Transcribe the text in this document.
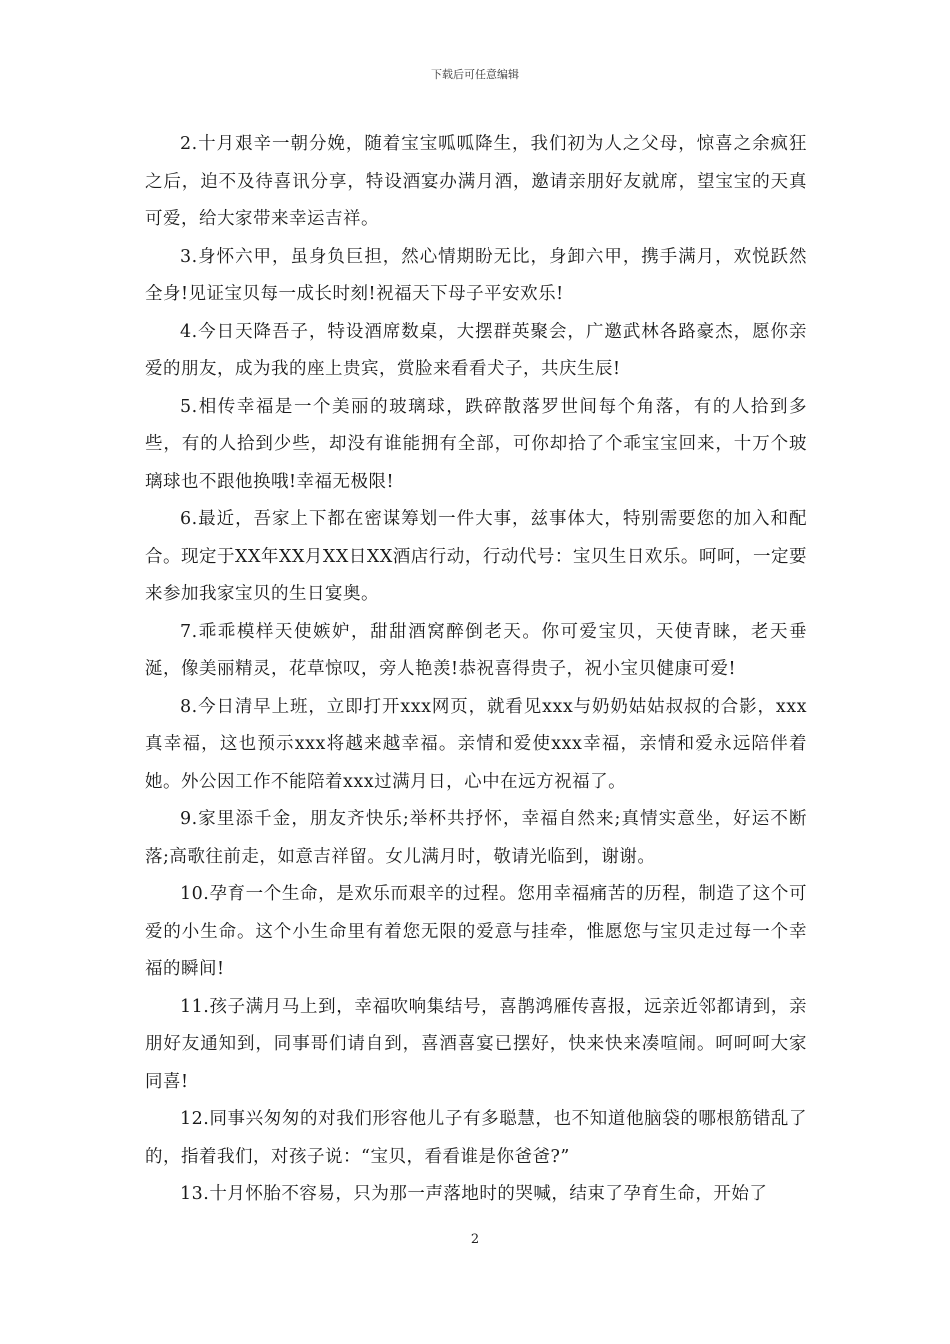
下载后可任意编辑

2.十月艰辛一朝分娩，随着宝宝呱呱降生，我们初为人之父母，惊喜之余疯狂之后，迫不及待喜讯分享，特设酒宴办满月酒，邀请亲朋好友就席，望宝宝的天真可爱，给大家带来幸运吉祥。

3.身怀六甲，虽身负巨担，然心情期盼无比，身卸六甲，携手满月，欢悦跃然全身!见证宝贝每一成长时刻!祝福天下母子平安欢乐!

4.今日天降吾子，特设酒席数桌，大摆群英聚会，广邀武林各路豪杰，愿你亲爱的朋友，成为我的座上贵宾，赏脸来看看犬子，共庆生辰!

5.相传幸福是一个美丽的玻璃球，跌碎散落罗世间每个角落，有的人拾到多些，有的人拾到少些，却没有谁能拥有全部，可你却拾了个乖宝宝回来，十万个玻璃球也不跟他换哦!幸福无极限!

6.最近，吾家上下都在密谋筹划一件大事，兹事体大，特别需要您的加入和配合。现定于XX年XX月XX日XX酒店行动，行动代号：宝贝生日欢乐。呵呵，一定要来参加我家宝贝的生日宴奥。

7.乖乖模样天使嫉妒，甜甜酒窝醉倒老天。你可爱宝贝，天使青睐，老天垂涎，像美丽精灵，花草惊叹，旁人艳羡!恭祝喜得贵子，祝小宝贝健康可爱!

8.今日清早上班，立即打开xxx网页，就看见xxx与奶奶姑姑叔叔的合影，xxx真幸福，这也预示xxx将越来越幸福。亲情和爱使xxx幸福，亲情和爱永远陪伴着她。外公因工作不能陪着xxx过满月日，心中在远方祝福了。

9.家里添千金，朋友齐快乐;举杯共抒怀，幸福自然来;真情实意坐，好运不断落;高歌往前走，如意吉祥留。女儿满月时，敬请光临到，谢谢。

10.孕育一个生命，是欢乐而艰辛的过程。您用幸福痛苦的历程，制造了这个可爱的小生命。这个小生命里有着您无限的爱意与挂牵，惟愿您与宝贝走过每一个幸福的瞬间!

11.孩子满月马上到，幸福吹响集结号，喜鹊鸿雁传喜报，远亲近邻都请到，亲朋好友通知到，同事哥们请自到，喜酒喜宴已摆好，快来快来凑喧闹。呵呵呵大家同喜!

12.同事兴匆匆的对我们形容他儿子有多聪慧，也不知道他脑袋的哪根筋错乱了的，指着我们，对孩子说：“宝贝，看看谁是你爸爸?”

13.十月怀胎不容易，只为那一声落地时的哭喊，结束了孕育生命，开始了

2
